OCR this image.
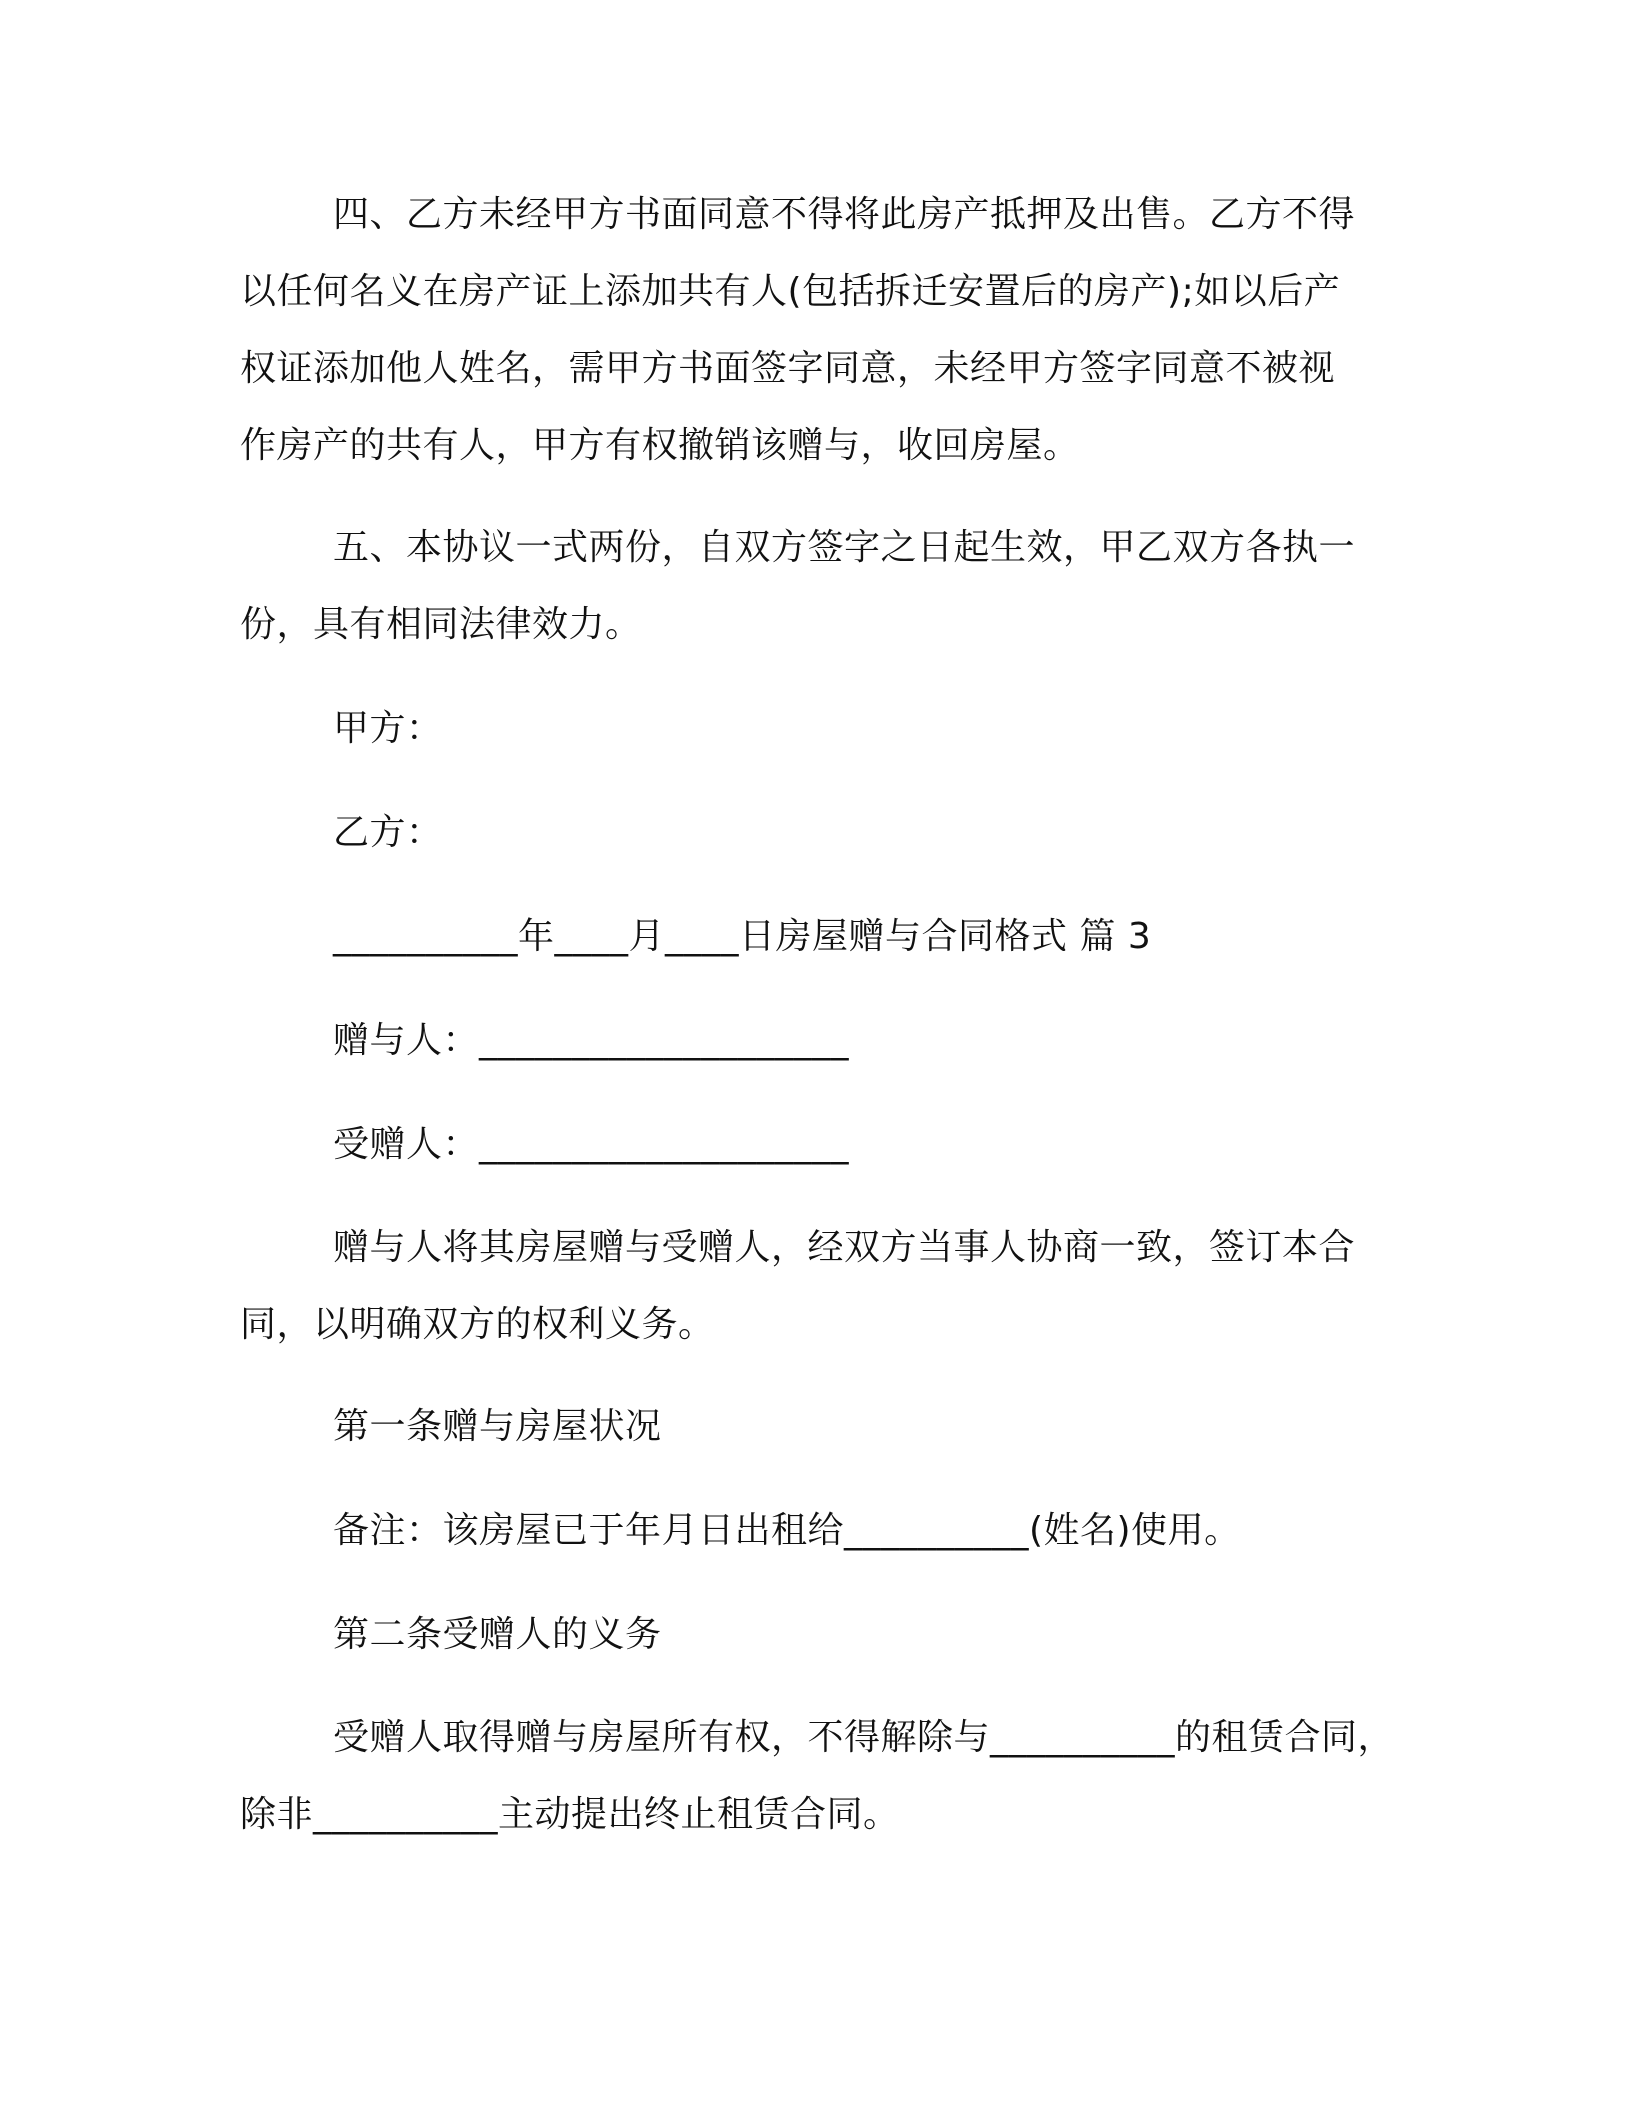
四、乙方未经甲方书面同意不得将此房产抵押及出售。乙方不得

以任何名义在房产证上添加共有人(包括拆迁安置后的房产);如以后产

权证添加他人姓名，需甲方书面签字同意，未经甲方签字同意不被视

作房产的共有人，甲方有权撤销该赠与，收回房屋。

五、本协议一式两份，自双方签字之日起生效，甲乙双方各执一

份，具有相同法律效力。

甲方：

乙方：

__________年____月____日房屋赠与合同格式 篇 3

赠与人：____________________

受赠人：____________________

赠与人将其房屋赠与受赠人，经双方当事人协商一致，签订本合

同，以明确双方的权利义务。

第一条赠与房屋状况

备注：该房屋已于年月日出租给__________(姓名)使用。

第二条受赠人的义务

受赠人取得赠与房屋所有权，不得解除与__________的租赁合同，

除非__________主动提出终止租赁合同。
